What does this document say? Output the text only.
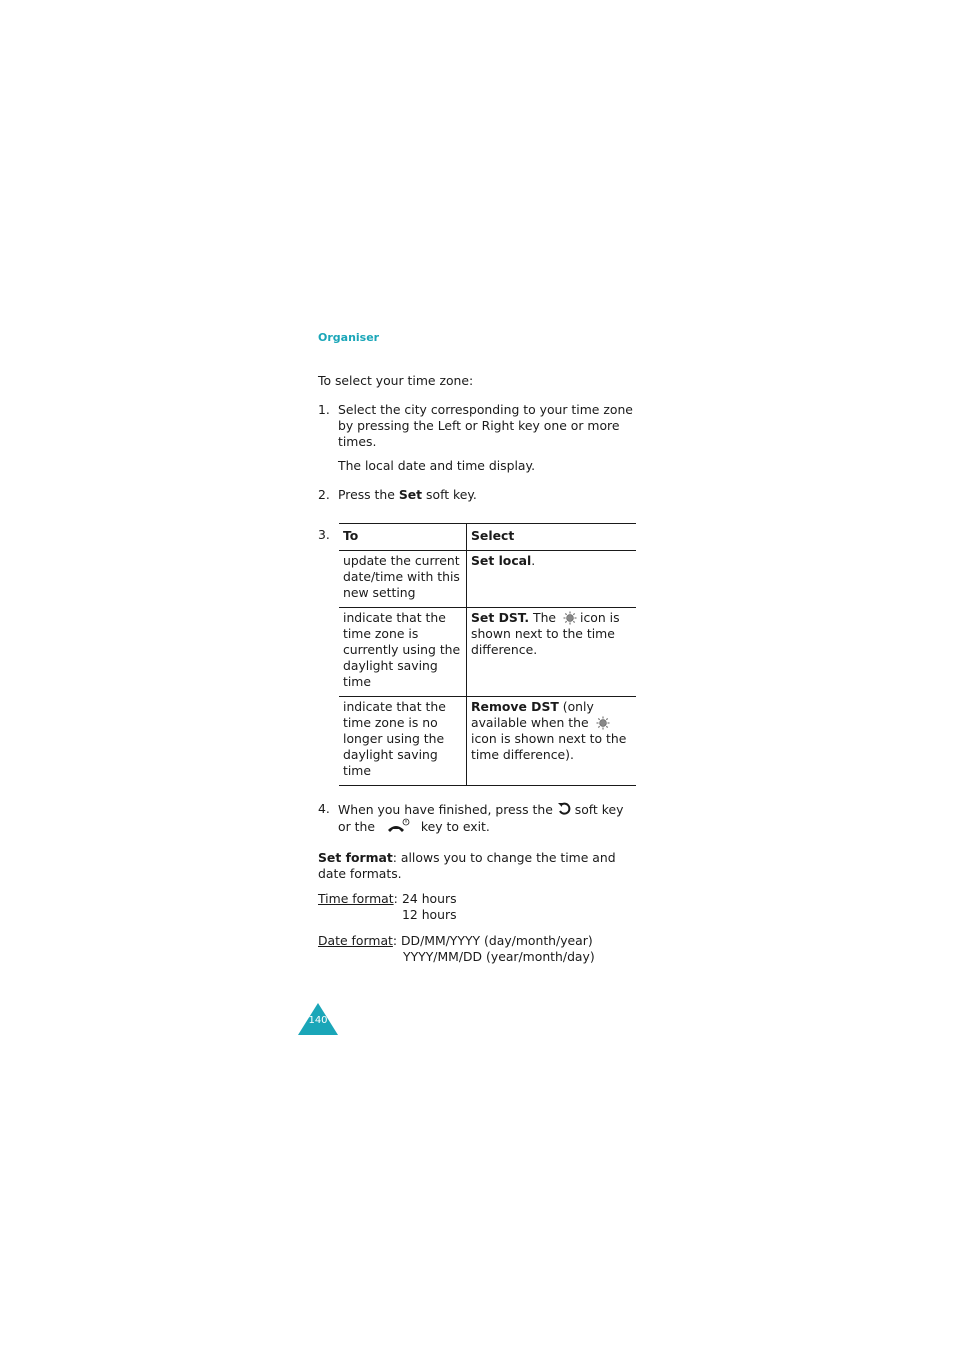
Organiser
To select your time zone:
1. Select the city corresponding to your time zone by pressing the Left or Right key one or more times.
The local date and time display.
2. Press the Set soft key.
3. To	Select
update the current date/time with this new setting	Set local.
indicate that the time zone is currently using the daylight saving time	Set DST. The icon is shown next to the time difference.
indicate that the time zone is no longer using the daylight saving time	Remove DST (only available when the  icon is shown next to the time difference).
4. When you have finished, press the soft key or the	key to exit.
Set format: allows you to change the time and date formats.
Time format: 24 hours
12 hours
Date format: DD/MM/YYYY (day/month/year)
YYYY/MM/DD (year/month/day)
140
